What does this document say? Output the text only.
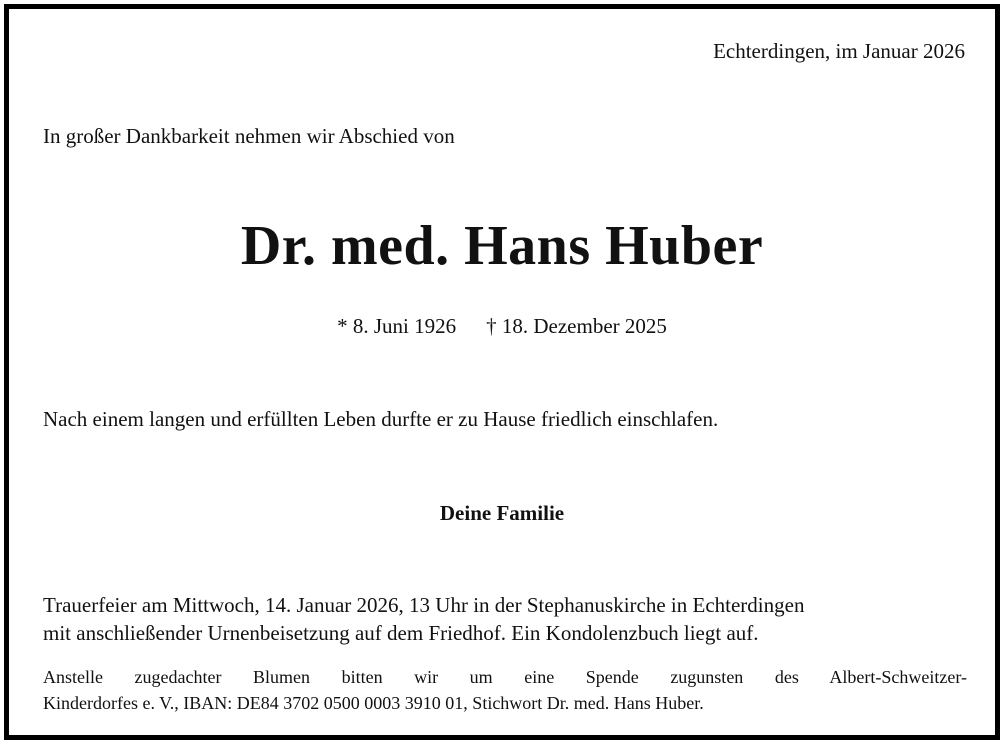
Echterdingen, im Januar 2026
In großer Dankbarkeit nehmen wir Abschied von
Dr. med. Hans Huber
* 8. Juni 1926 † 18. Dezember 2025
Nach einem langen und erfüllten Leben durfte er zu Hause friedlich einschlafen.
Deine Familie
Trauerfeier am Mittwoch, 14. Januar 2026, 13 Uhr in der Stephanuskirche in Echterdingen
mit anschließender Urnenbeisetzung auf dem Friedhof. Ein Kondolenzbuch liegt auf.
Anstelle zugedachter Blumen bitten wir um eine Spende zugunsten des Albert-Schweitzer-
Kinderdorfes e. V., IBAN: DE84 3702 0500 0003 3910 01, Stichwort Dr. med. Hans Huber.
